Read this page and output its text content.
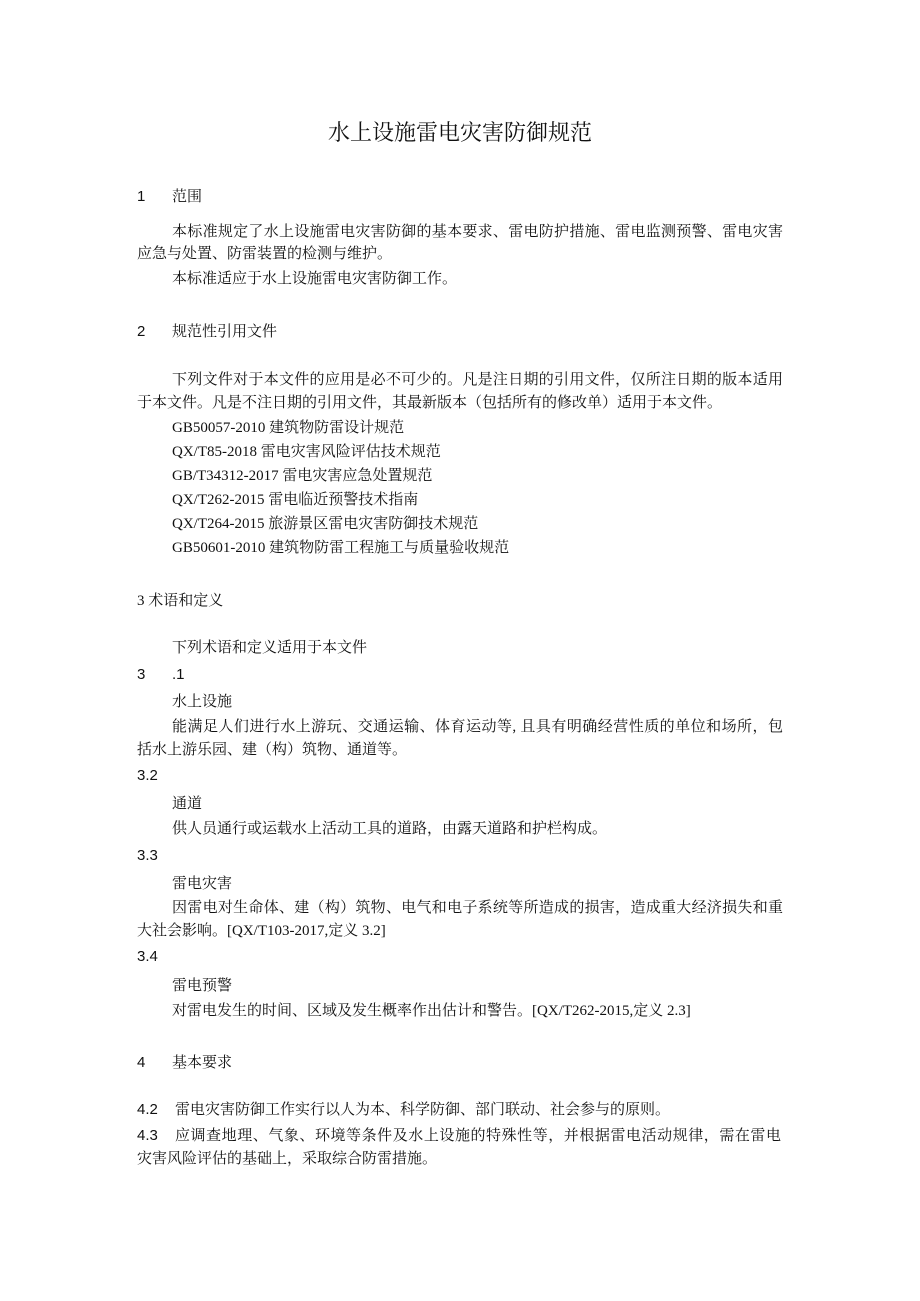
水上设施雷电灾害防御规范
1 范围
本标准规定了水上设施雷电灾害防御的基本要求、雷电防护措施、雷电监测预警、雷电灾害
应急与处置、防雷装置的检测与维护。
本标准适应于水上设施雷电灾害防御工作。
2 规范性引用文件
下列文件对于本文件的应用是必不可少的。凡是注日期的引用文件，仅所注日期的版本适用
于本文件。凡是不注日期的引用文件，其最新版本（包括所有的修改单）适用于本文件。
GB50057-2010 建筑物防雷设计规范
QX/T85-2018 雷电灾害风险评估技术规范
GB/T34312-2017 雷电灾害应急处置规范
QX/T262-2015 雷电临近预警技术指南
QX/T264-2015 旅游景区雷电灾害防御技术规范
GB50601-2010 建筑物防雷工程施工与质量验收规范
3 术语和定义
下列术语和定义适用于本文件
3 .1
水上设施
能满足人们进行水上游玩、交通运输、体育运动等, 且具有明确经营性质的单位和场所，包
括水上游乐园、建（构）筑物、通道等。
3.2
通道
供人员通行或运载水上活动工具的道路，由露天道路和护栏构成。
3.3
雷电灾害
因雷电对生命体、建（构）筑物、电气和电子系统等所造成的损害，造成重大经济损失和重
大社会影响。[QX/T103-2017,定义 3.2]
3.4
雷电预警
对雷电发生的时间、区域及发生概率作出估计和警告。[QX/T262-2015,定义 2.3]
4 基本要求
4.2 雷电灾害防御工作实行以人为本、科学防御、部门联动、社会参与的原则。
4.3 应调查地理、气象、环境等条件及水上设施的特殊性等，并根据雷电活动规律，需在雷电
灾害风险评估的基础上，采取综合防雷措施。
